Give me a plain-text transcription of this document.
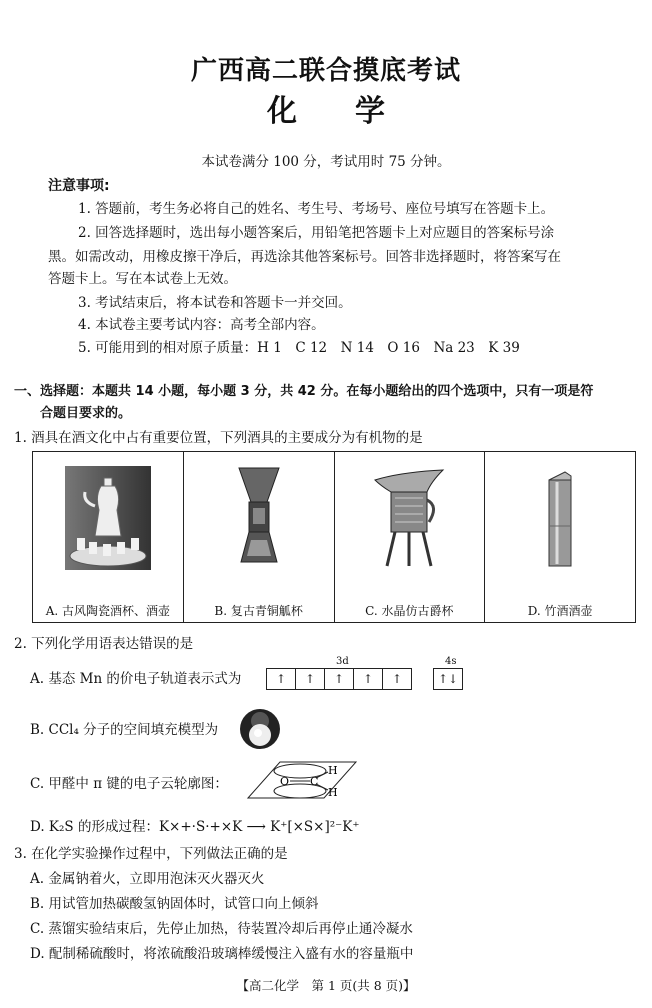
广西高二联合摸底考试
化学
本试卷满分 100 分，考试用时 75 分钟。
注意事项:
1. 答题前，考生务必将自己的姓名、考生号、考场号、座位号填写在答题卡上。
2. 回答选择题时，选出每小题答案后，用铅笔把答题卡上对应题目的答案标号涂
黑。如需改动，用橡皮擦干净后，再选涂其他答案标号。回答非选择题时，将答案写在
答题卡上。写在本试卷上无效。
3. 考试结束后，将本试卷和答题卡一并交回。
4. 本试卷主要考试内容：高考全部内容。
5. 可能用到的相对原子质量：H 1　C 12　N 14　O 16　Na 23　K 39
一、选择题：本题共 14 小题，每小题 3 分，共 42 分。在每小题给出的四个选项中，只有一项是符
合题目要求的。
1. 酒具在酒文化中占有重要位置，下列酒具的主要成分为有机物的是
A. 古风陶瓷酒杯、酒壶	B. 复古青铜觚杯	C. 水晶仿古爵杯	D. 竹酒酒壶
2. 下列化学用语表达错误的是
A. 基态 Mn 的价电子轨道表示式为
3d	4s
↑	↑	↑	↑	↑	↑↓
B. CCl₄ 分子的空间填充模型为
C. 甲醛中 π 键的电子云轮廓图：	O C
H
H
D. K₂S 的形成过程：K×+·S·+×K ⟶ K⁺[×S×]²⁻K⁺
3. 在化学实验操作过程中，下列做法正确的是
A. 金属钠着火，立即用泡沫灭火器灭火
B. 用试管加热碳酸氢钠固体时，试管口向上倾斜
C. 蒸馏实验结束后，先停止加热，待装置冷却后再停止通冷凝水
D. 配制稀硫酸时，将浓硫酸沿玻璃棒缓慢注入盛有水的容量瓶中
【高二化学　第 1 页(共 8 页)】
